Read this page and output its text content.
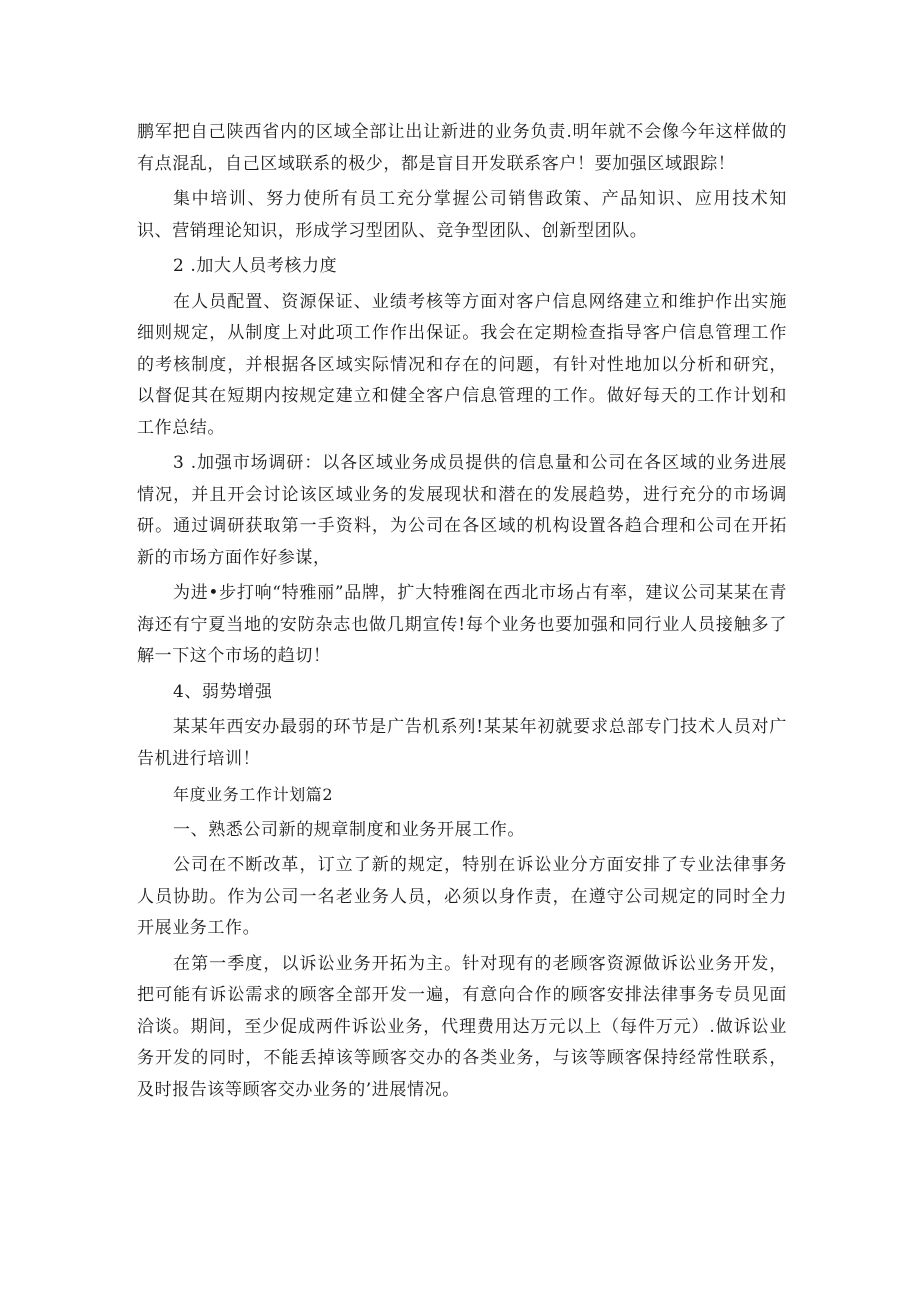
鹏军把自己陕西省内的区域全部让出让新进的业务负责.明年就不会像今年这样做的有点混乱，自己区域联系的极少，都是盲目开发联系客户！要加强区域跟踪！

集中培训、努力使所有员工充分掌握公司销售政策、产品知识、应用技术知识、营销理论知识，形成学习型团队、竞争型团队、创新型团队。

2 .加大人员考核力度

在人员配置、资源保证、业绩考核等方面对客户信息网络建立和维护作出实施细则规定，从制度上对此项工作作出保证。我会在定期检查指导客户信息管理工作的考核制度，并根据各区域实际情况和存在的问题，有针对性地加以分析和研究，以督促其在短期内按规定建立和健全客户信息管理的工作。做好每天的工作计划和工作总结。

3 .加强市场调研：以各区域业务成员提供的信息量和公司在各区域的业务进展情况，并且开会讨论该区域业务的发展现状和潜在的发展趋势，进行充分的市场调研。通过调研获取第一手资料，为公司在各区域的机构设置各趋合理和公司在开拓新的市场方面作好参谋，

为进•步打响“特雅丽”品牌，扩大特雅阁在西北市场占有率，建议公司某某在青海还有宁夏当地的安防杂志也做几期宣传!每个业务也要加强和同行业人员接触多了解一下这个市场的趋切！

4、弱势增强

某某年西安办最弱的环节是广告机系列!某某年初就要求总部专门技术人员对广告机进行培训！

年度业务工作计划篇2

一、熟悉公司新的规章制度和业务开展工作。

公司在不断改革，订立了新的规定，特别在诉讼业分方面安排了专业法律事务人员协助。作为公司一名老业务人员，必须以身作责，在遵守公司规定的同时全力开展业务工作。

在第一季度，以诉讼业务开拓为主。针对现有的老顾客资源做诉讼业务开发，把可能有诉讼需求的顾客全部开发一遍，有意向合作的顾客安排法律事务专员见面洽谈。期间，至少促成两件诉讼业务，代理费用达万元以上（每件万元）.做诉讼业务开发的同时，不能丢掉该等顾客交办的各类业务，与该等顾客保持经常性联系，及时报告该等顾客交办业务的’进展情况。
